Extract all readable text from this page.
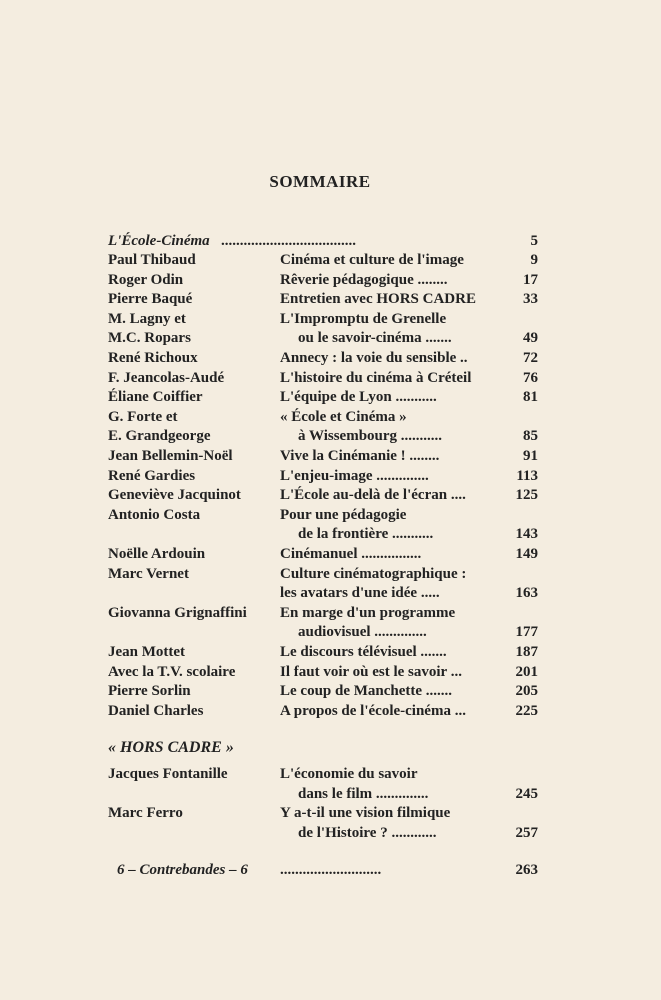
SOMMAIRE
L'École-Cinéma ....................................	5
Paul Thibaud	Cinéma et culture de l'image	9
Roger Odin	Rêverie pédagogique ........	17
Pierre Baqué	Entretien avec HORS CADRE	33
M. Lagny et	L'Impromptu de Grenelle
M.C. Ropars	ou le savoir-cinéma .......	49
René Richoux	Annecy : la voie du sensible ..	72
F. Jeancolas-Audé	L'histoire du cinéma à Créteil	76
Éliane Coiffier	L'équipe de Lyon ...........	81
G. Forte et	« École et Cinéma »
E. Grandgeorge	à Wissembourg ...........	85
Jean Bellemin-Noël	Vive la Cinémanie ! ........	91
René Gardies	L'enjeu-image ..............	113
Geneviève Jacquinot	L'École au-delà de l'écran ....	125
Antonio Costa	Pour une pédagogie
de la frontière ...........	143
Noëlle Ardouin	Cinémanuel ................	149
Marc Vernet	Culture cinématographique :
les avatars d'une idée .....	163
Giovanna Grignaffini En marge d'un programme
audiovisuel ..............	177
Jean Mottet	Le discours télévisuel .......	187
Avec la T.V. scolaire	Il faut voir où est le savoir ...	201
Pierre Sorlin	Le coup de Manchette .......	205
Daniel Charles	A propos de l'école-cinéma ...	225
« HORS CADRE »
Jacques Fontanille	L'économie du savoir
dans le film ..............	245
Marc Ferro	Y a-t-il une vision filmique
de l'Histoire ? ............	257
6 – Contrebandes – 6 ...........................	263
